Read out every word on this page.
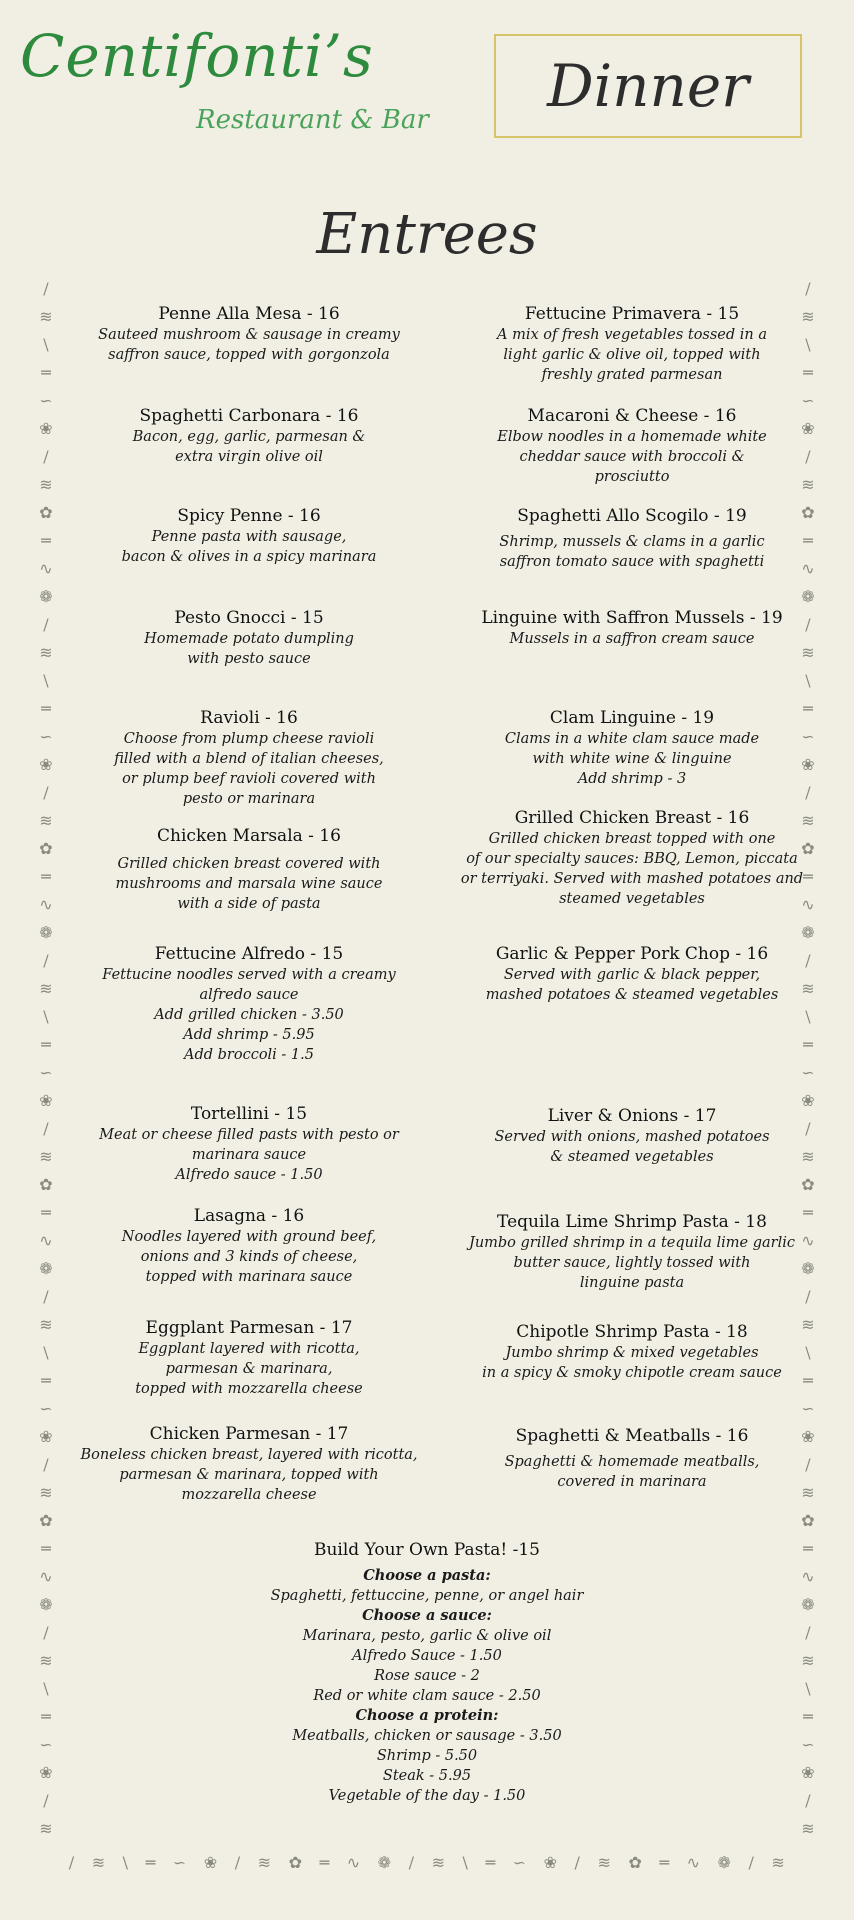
Centifonti’s
Restaurant & Bar Dinner
Entrees
Penne Alla Mesa - 16
Sauteed mushroom & sausage in creamy
saffron sauce, topped with gorgonzola
Spaghetti Carbonara - 16
Bacon, egg, garlic, parmesan &
extra virgin olive oil
Spicy Penne - 16
Penne pasta with sausage,
bacon & olives in a spicy marinara
Pesto Gnocci - 15
Homemade potato dumpling
with pesto sauce
Ravioli - 16
Choose from plump cheese ravioli
filled with a blend of italian cheeses,
or plump beef ravioli covered with
pesto or marinara
Chicken Marsala - 16
Grilled chicken breast covered with
mushrooms and marsala wine sauce
with a side of pasta
Fettucine Alfredo - 15
Fettucine noodles served with a creamy
alfredo sauce
Add grilled chicken - 3.50
Add shrimp - 5.95
Add broccoli - 1.5
Tortellini - 15
Meat or cheese filled pasts with pesto or
marinara sauce
Alfredo sauce - 1.50
Lasagna - 16
Noodles layered with ground beef,
onions and 3 kinds of cheese,
topped with marinara sauce
Eggplant Parmesan - 17
Eggplant layered with ricotta,
parmesan & marinara,
topped with mozzarella cheese
Chicken Parmesan - 17
Boneless chicken breast, layered with ricotta,
parmesan & marinara, topped with
mozzarella cheese
Fettucine Primavera - 15
A mix of fresh vegetables tossed in a
light garlic & olive oil, topped with
freshly grated parmesan
Macaroni & Cheese - 16
Elbow noodles in a homemade white
cheddar sauce with broccoli &
prosciutto
Spaghetti Allo Scogilo - 19
Shrimp, mussels & clams in a garlic
saffron tomato sauce with spaghetti
Linguine with Saffron Mussels - 19
Mussels in a saffron cream sauce
Clam Linguine - 19
Clams in a white clam sauce made
with white wine & linguine
Add shrimp - 3
Grilled Chicken Breast - 16
Grilled chicken breast topped with one
of our specialty sauces: BBQ, Lemon, piccata
or terriyaki. Served with mashed potatoes and
steamed vegetables
Garlic & Pepper Pork Chop - 16
Served with garlic & black pepper,
mashed potatoes & steamed vegetables
Liver & Onions - 17
Served with onions, mashed potatoes
& steamed vegetables
Tequila Lime Shrimp Pasta - 18
Jumbo grilled shrimp in a tequila lime garlic
butter sauce, lightly tossed with
linguine pasta
Chipotle Shrimp Pasta - 18
Jumbo shrimp & mixed vegetables
in a spicy & smoky chipotle cream sauce
Spaghetti & Meatballs - 16
Spaghetti & homemade meatballs,
covered in marinara
Build Your Own Pasta! -15
Choose a pasta:
Spaghetti, fettuccine, penne, or angel hair
Choose a sauce:
Marinara, pesto, garlic & olive oil
Alfredo Sauce - 1.50
Rose sauce - 2
Red or white clam sauce - 2.50
Choose a protein:
Meatballs, chicken or sausage - 3.50
Shrimp - 5.50
Steak - 5.95
Vegetable of the day - 1.50
/
≋
\
═
∽
❀
/
≋
✿
═
∿
❁
/
≋
\
═
∽
❀
/
≋
✿
═
∿
❁
/
≋
\
═
∽
❀
/
≋
✿
═
∿
❁
/
≋
\
═
∽
❀
/
≋
✿
═
∿
❁
/
≋
\
═
∽
❀
/
≋
/
≋
\
═
∽
❀
/
≋
✿
═
∿
❁
/
≋
\
═
∽
❀
/
≋
✿
═
∿
❁
/
≋
\
═
∽
❀
/
≋
✿
═
∿
❁
/
≋
\
═
∽
❀
/
≋
✿
═
∿
❁
/
≋
\
═
∽
❀
/
≋
/ ≋ \ ═ ∽ ❀ / ≋ ✿ ═ ∿ ❁ / ≋ \ ═ ∽ ❀ / ≋ ✿ ═ ∿ ❁ / ≋
